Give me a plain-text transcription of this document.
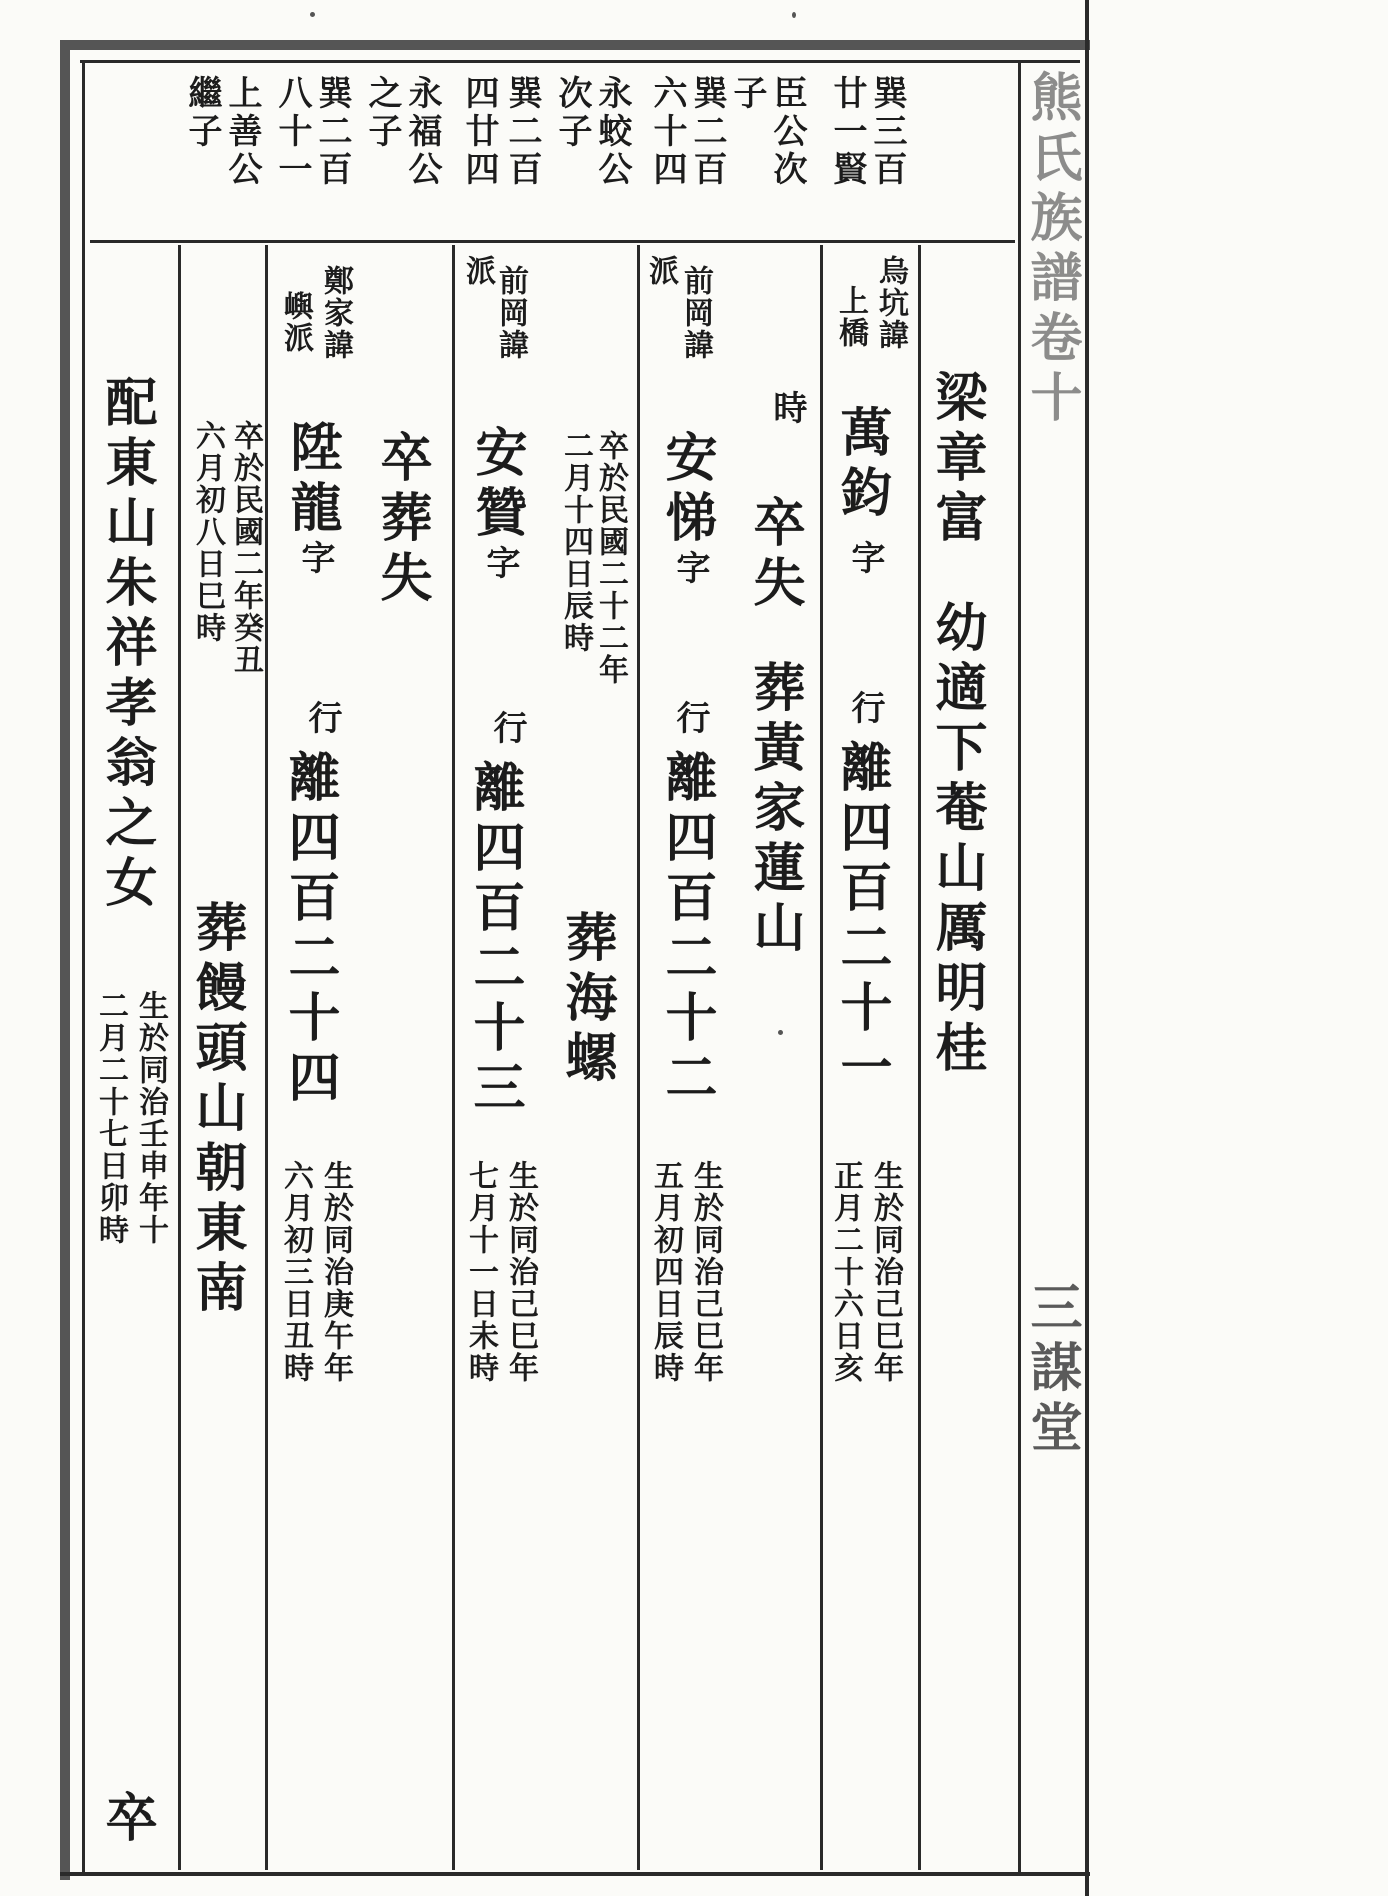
熊氏族譜卷十
三謀堂
巽三百
廿一賢
臣公次
子
巽二百
六十四
永蛟公
次子
巽二百
四廿四
永福公
之子
巽二百
八十一
上善公
繼子
梁章富
幼適下菴山厲明桂
烏坑諱
上橋
萬鈞
字
行
離四百二十一
生於同治己巳年
正月二十六日亥
時
卒失
葬黃家蓮山
前岡諱
派
安悌
字
行
離四百二十二
生於同治己巳年
五月初四日辰時
卒於民國二十二年
二月十四日辰時
葬海螺
前岡諱
派
安贊
字
行
離四百二十三
生於同治己巳年
七月十一日未時
卒葬失
鄭家諱
嶼派
陞龍
字
行
離四百二十四
生於同治庚午年
六月初三日丑時
卒於民國二年癸丑
六月初八日巳時
葬饅頭山朝東南
配東山朱祥孝翁之女
生於同治壬申年十
二月二十七日卯時
卒
